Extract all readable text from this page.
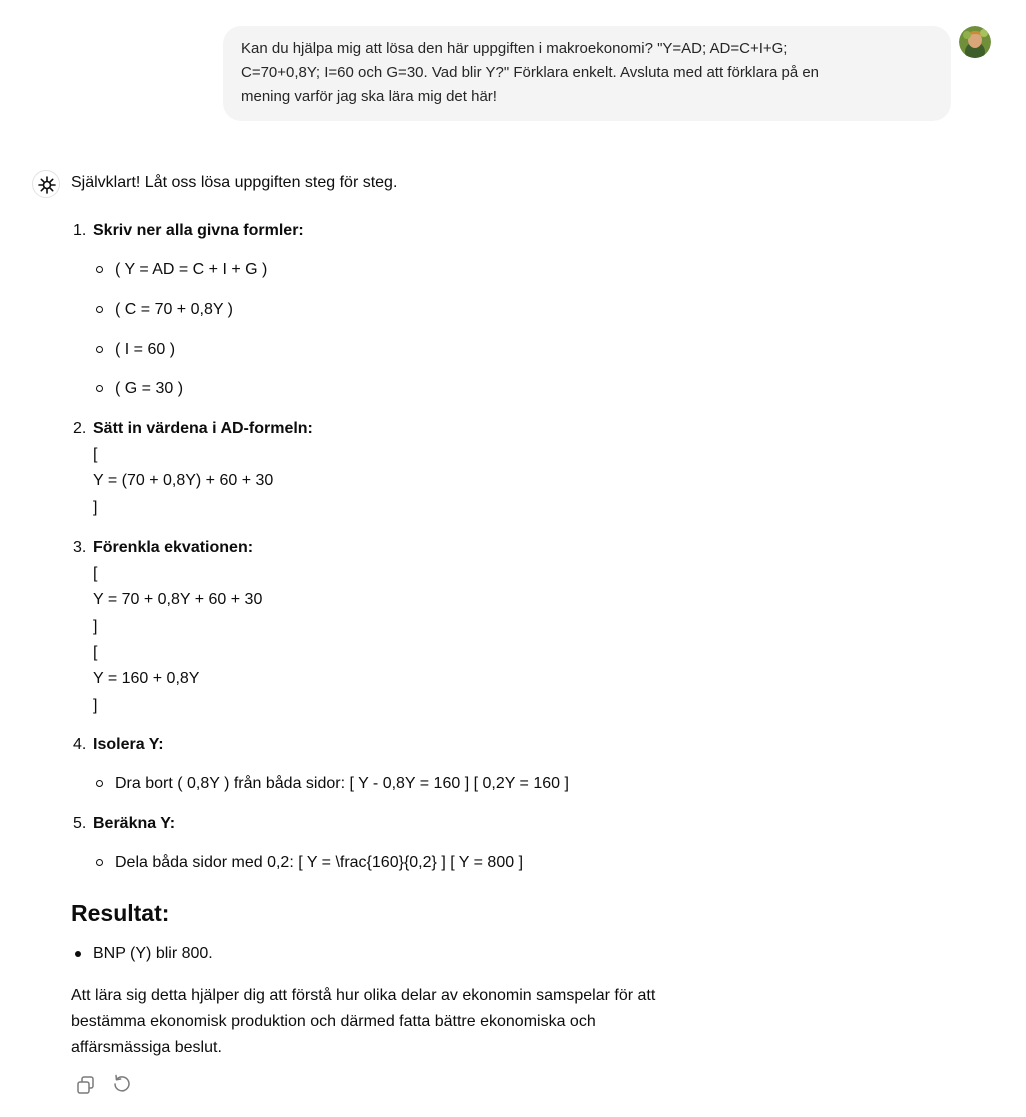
Kan du hjälpa mig att lösa den här uppgiften i makroekonomi? "Y=AD; AD=C+I+G;
C=70+0,8Y; I=60 och G=30. Vad blir Y?" Förklara enkelt. Avsluta med att förklara på en
mening varför jag ska lära mig det här!
Självklart! Låt oss lösa uppgiften steg för steg.
1. Skriv ner alla givna formler:
( Y = AD = C + I + G )
( C = 70 + 0,8Y )
( I = 60 )
( G = 30 )
2. Sätt in värdena i AD-formeln:
[
Y = (70 + 0,8Y) + 60 + 30
]
3. Förenkla ekvationen:
[
Y = 70 + 0,8Y + 60 + 30
]
[
Y = 160 + 0,8Y
]
4. Isolera Y:
Dra bort ( 0,8Y ) från båda sidor: [ Y - 0,8Y = 160 ] [ 0,2Y = 160 ]
5. Beräkna Y:
Dela båda sidor med 0,2: [ Y = \frac{160}{0,2} ] [ Y = 800 ]
Resultat:
BNP (Y) blir 800.
Att lära sig detta hjälper dig att förstå hur olika delar av ekonomin samspelar för att
bestämma ekonomisk produktion och därmed fatta bättre ekonomiska och
affärsmässiga beslut.
